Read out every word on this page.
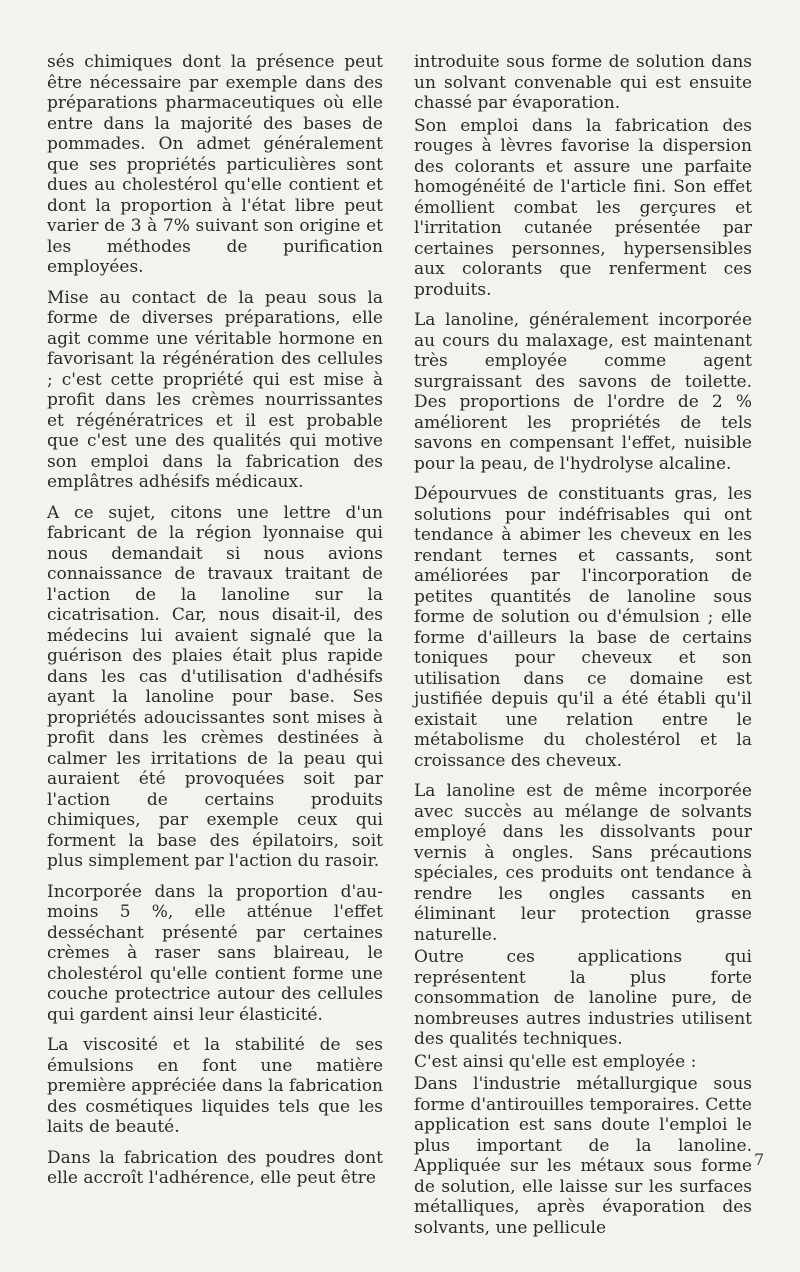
sés chimiques dont la présence peut être nécessaire par exemple dans des préparations pharmaceutiques où elle entre dans la majorité des bases de pommades. On admet généralement que ses propriétés particulières sont dues au cholestérol qu'elle contient et dont la proportion à l'état libre peut varier de 3 à 7% suivant son origine et les méthodes de purification employées.

Mise au contact de la peau sous la forme de diverses préparations, elle agit comme une véritable hormone en favorisant la régénération des cellules ; c'est cette propriété qui est mise à profit dans les crèmes nourrissantes et régénératrices et il est probable que c'est une des qualités qui motive son emploi dans la fabrication des emplâtres adhésifs médicaux.

A ce sujet, citons une lettre d'un fabricant de la région lyonnaise qui nous demandait si nous avions connaissance de travaux traitant de l'action de la lanoline sur la cicatrisation. Car, nous disait-il, des médecins lui avaient signalé que la guérison des plaies était plus rapide dans les cas d'utilisation d'adhésifs ayant la lanoline pour base. Ses propriétés adoucissantes sont mises à profit dans les crèmes destinées à calmer les irritations de la peau qui auraient été provoquées soit par l'action de certains produits chimiques, par exemple ceux qui forment la base des épilatoirs, soit plus simplement par l'action du rasoir.

Incorporée dans la proportion d'au-moins 5 %, elle atténue l'effet desséchant présenté par certaines crèmes à raser sans blaireau, le cholestérol qu'elle contient forme une couche protectrice autour des cellules qui gardent ainsi leur élasticité.

La viscosité et la stabilité de ses émulsions en font une matière première appréciée dans la fabrication des cosmétiques liquides tels que les laits de beauté.

Dans la fabrication des poudres dont elle accroît l'adhérence, elle peut être

introduite sous forme de solution dans un solvant convenable qui est ensuite chassé par évaporation.

Son emploi dans la fabrication des rouges à lèvres favorise la dispersion des colorants et assure une parfaite homogénéité de l'article fini. Son effet émollient combat les gerçures et l'irritation cutanée présentée par certaines personnes, hypersensibles aux colorants que renferment ces produits.

La lanoline, généralement incorporée au cours du malaxage, est maintenant très employée comme agent surgraissant des savons de toilette. Des proportions de l'ordre de 2 % améliorent les propriétés de tels savons en compensant l'effet, nuisible pour la peau, de l'hydrolyse alcaline.

Dépourvues de constituants gras, les solutions pour indéfrisables qui ont tendance à abimer les cheveux en les rendant ternes et cassants, sont améliorées par l'incorporation de petites quantités de lanoline sous forme de solution ou d'émulsion ; elle forme d'ailleurs la base de certains toniques pour cheveux et son utilisation dans ce domaine est justifiée depuis qu'il a été établi qu'il existait une relation entre le métabolisme du cholestérol et la croissance des cheveux.

La lanoline est de même incorporée avec succès au mélange de solvants employé dans les dissolvants pour vernis à ongles. Sans précautions spéciales, ces produits ont tendance à rendre les ongles cassants en éliminant leur protection grasse naturelle.

Outre ces applications qui représentent la plus forte consommation de lanoline pure, de nombreuses autres industries utilisent des qualités techniques.

C'est ainsi qu'elle est employée :

Dans l'industrie métallurgique sous forme d'antirouilles temporaires. Cette application est sans doute l'emploi le plus important de la lanoline. Appliquée sur les métaux sous forme de solution, elle laisse sur les surfaces métalliques, après évaporation des solvants, une pellicule

7
